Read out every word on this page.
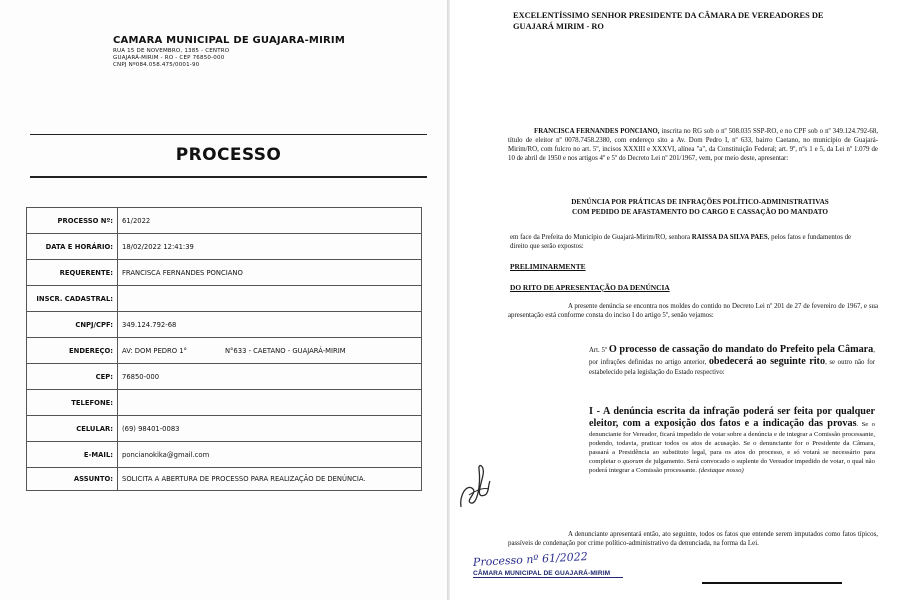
CAMARA MUNICIPAL DE GUAJARA-MIRIM
RUA 15 DE NOVEMBRO, 1385 - CENTRO
GUAJARÁ-MIRIM - RO - CEP 76850-000
CNPJ Nº084.058.475/0001-90
PROCESSO
PROCESSO Nº:	61/2022
DATA E HORÁRIO:	18/02/2022 12:41:39
REQUERENTE:	FRANCISCA FERNANDES PONCIANO
INSCR. CADASTRAL:	
CNPJ/CPF:	349.124.792-68
ENDEREÇO:	AV: DOM PEDRO 1° N°633 - CAETANO - GUAJARÁ-MIRIM
CEP:	76850-000
TELEFONE:	
CELULAR:	(69) 98401-0083
E-MAIL:	poncianokika@gmail.com
ASSUNTO:	SOLICITA A ABERTURA DE PROCESSO PARA REALIZAÇÃO DE DENÚNCIA.
EXCELENTÍSSIMO SENHOR PRESIDENTE DA CÂMARA DE VEREADORES DE
GUAJARÁ MIRIM - RO
FRANCISCA FERNANDES PONCIANO, inscrita no RG sob o nº 508.035 SSP-RO, e no CPF sob o nº 349.124.792-68, título de eleitor nº 0078.7458.2380, com endereço sito a Av. Dom Pedro I, nº 633, bairro Caetano, no município de Guajará-Mirim/RO, com fulcro no art. 5º, incisos XXXIII e XXXVI, alínea "a", da Constituição Federal; art. 9º, nºs 1 e 5, da Lei nº 1.079 de 10 de abril de 1950 e nos artigos 4º e 5º do Decreto Lei nº 201/1967, vem, por meio deste, apresentar:
DENÚNCIA POR PRÁTICAS DE INFRAÇÕES POLÍTICO-ADMINISTRATIVAS
COM PEDIDO DE AFASTAMENTO DO CARGO E CASSAÇÃO DO MANDATO
em face da Prefeita do Município de Guajará-Mirim/RO, senhora RAISSA DA SILVA PAES, pelos fatos e fundamentos de direito que serão expostos:
PRELIMINARMENTE
DO RITO DE APRESENTAÇÃO DA DENÚNCIA
A presente denúncia se encontra nos moldes do contido no Decreto Lei nº 201 de 27 de fevereiro de 1967, e sua apresentação está conforme consta do inciso I do artigo 5º, senão vejamos:
Art. 5º O processo de cassação do mandato do Prefeito pela Câmara, por infrações definidas no artigo anterior, obedecerá ao seguinte rito, se outro não for estabelecido pela legislação do Estado respectivo:
I - A denúncia escrita da infração poderá ser feita por qualquer eleitor, com a exposição dos fatos e a indicação das provas. Se o denunciante for Vereador, ficará impedido de votar sobre a denúncia e de integrar a Comissão processante, podendo, todavia, praticar todos os atos de acusação. Se o denunciante for o Presidente da Câmara, passará a Presidência ao substituto legal, para os atos do processo, e só votará se necessário para completar o quorum de julgamento. Será convocado o suplente do Vereador impedido de votar, o qual não poderá integrar a Comissão processante. (destaque nosso)
A denunciante apresentará então, ato seguinte, todos os fatos que entende serem imputados como fatos típicos, passíveis de condenação por crime político-administrativo da denunciada, na forma da Lei.
Processo nº 61/2022
CÂMARA MUNICIPAL DE GUAJARÁ-MIRIM
